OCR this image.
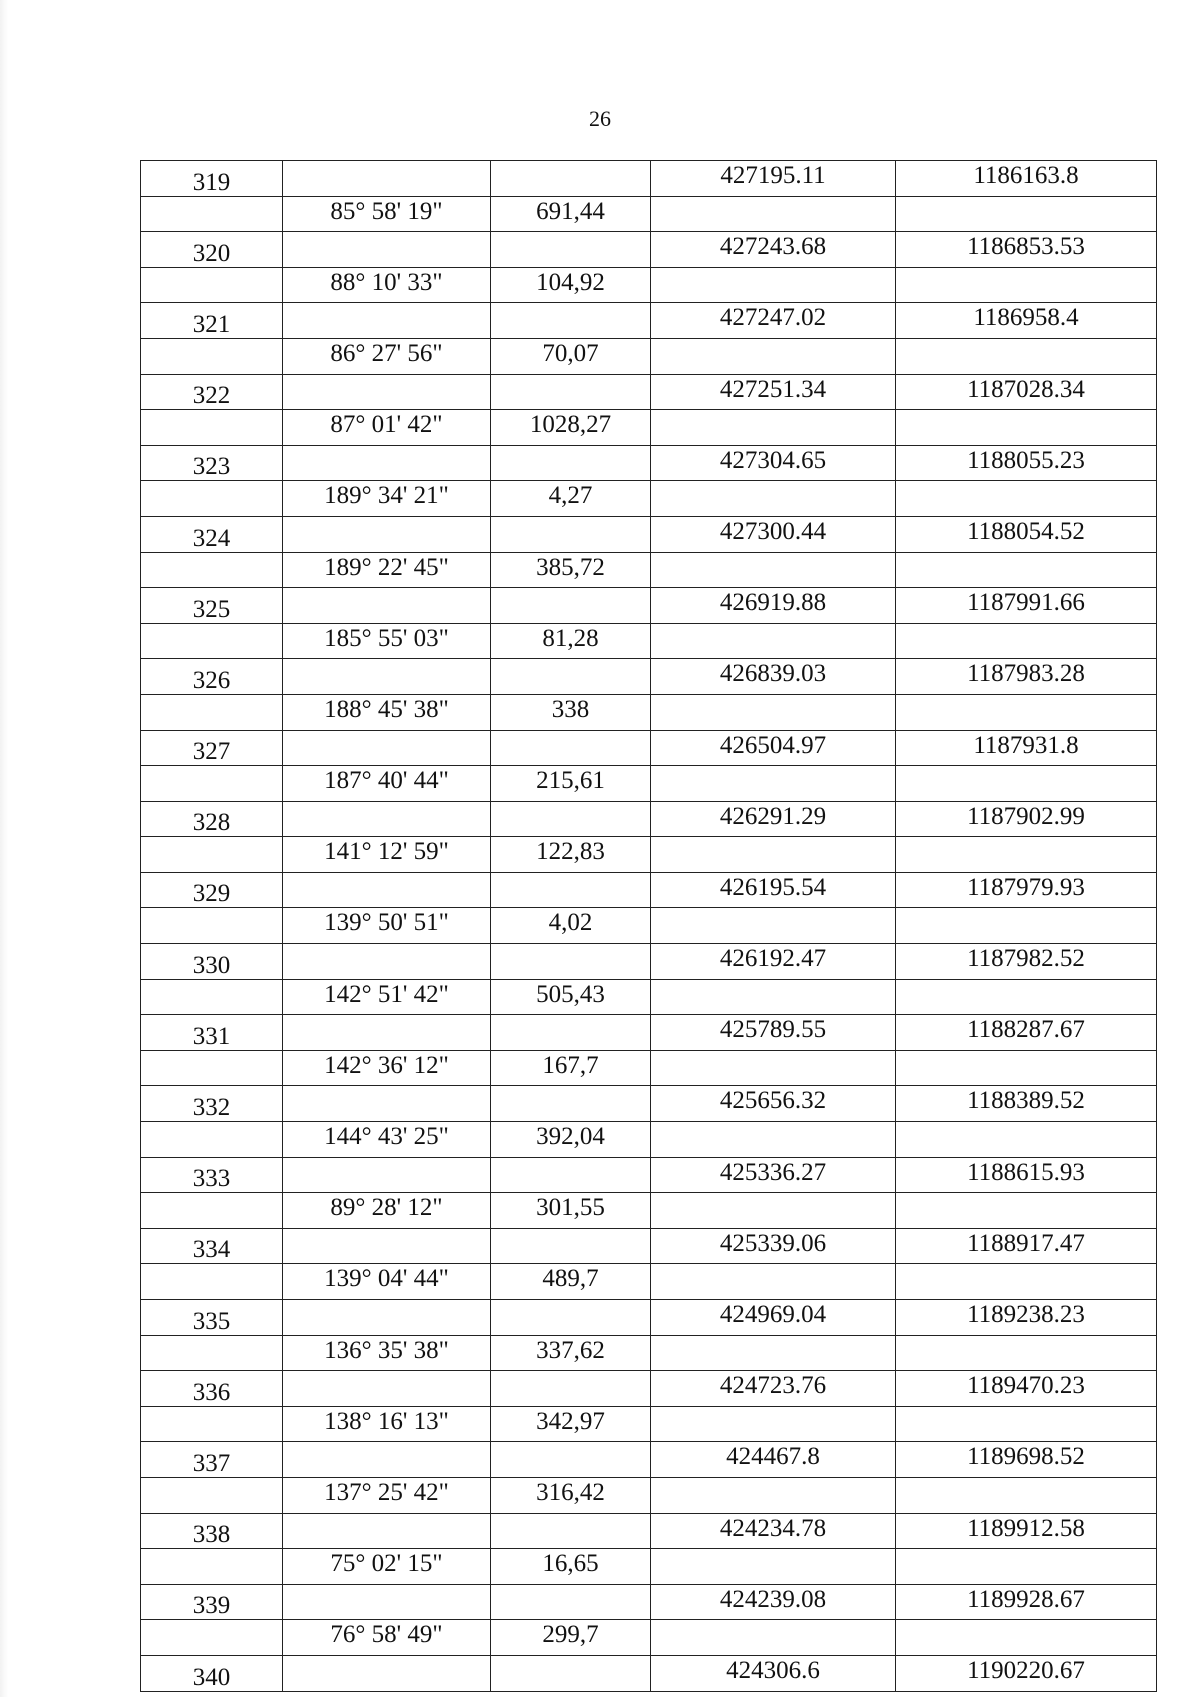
26
319			427195.11	1186163.8
	85° 58' 19"	691,44		
320			427243.68	1186853.53
	88° 10' 33"	104,92		
321			427247.02	1186958.4
	86° 27' 56"	70,07		
322			427251.34	1187028.34
	87° 01' 42"	1028,27		
323			427304.65	1188055.23
	189° 34' 21"	4,27		
324			427300.44	1188054.52
	189° 22' 45"	385,72		
325			426919.88	1187991.66
	185° 55' 03"	81,28		
326			426839.03	1187983.28
	188° 45' 38"	338		
327			426504.97	1187931.8
	187° 40' 44"	215,61		
328			426291.29	1187902.99
	141° 12' 59"	122,83		
329			426195.54	1187979.93
	139° 50' 51"	4,02		
330			426192.47	1187982.52
	142° 51' 42"	505,43		
331			425789.55	1188287.67
	142° 36' 12"	167,7		
332			425656.32	1188389.52
	144° 43' 25"	392,04		
333			425336.27	1188615.93
	89° 28' 12"	301,55		
334			425339.06	1188917.47
	139° 04' 44"	489,7		
335			424969.04	1189238.23
	136° 35' 38"	337,62		
336			424723.76	1189470.23
	138° 16' 13"	342,97		
337			424467.8	1189698.52
	137° 25' 42"	316,42		
338			424234.78	1189912.58
	75° 02' 15"	16,65		
339			424239.08	1189928.67
	76° 58' 49"	299,7		
340			424306.6	1190220.67
